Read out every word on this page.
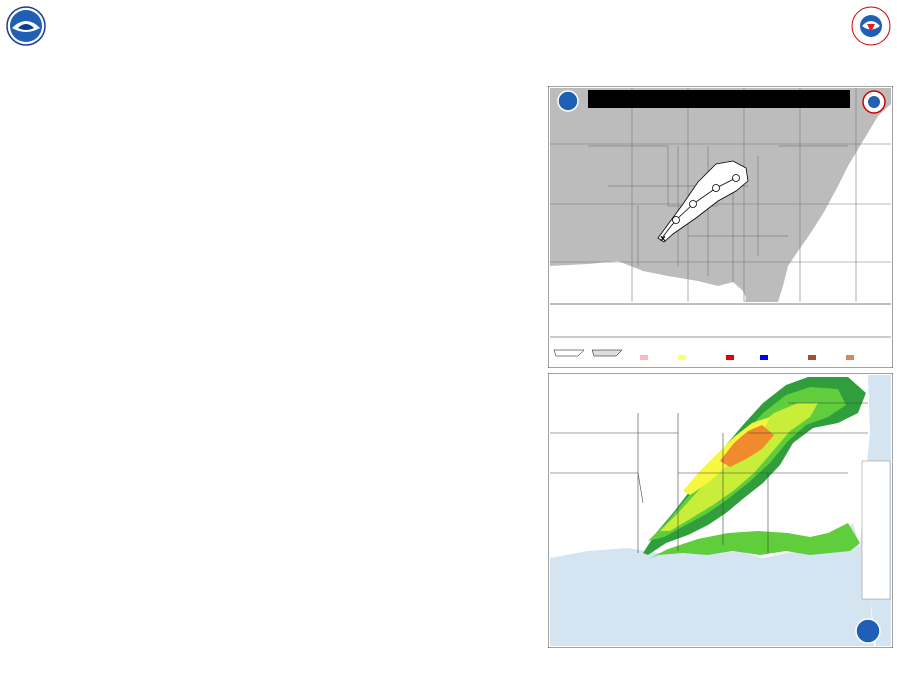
×
